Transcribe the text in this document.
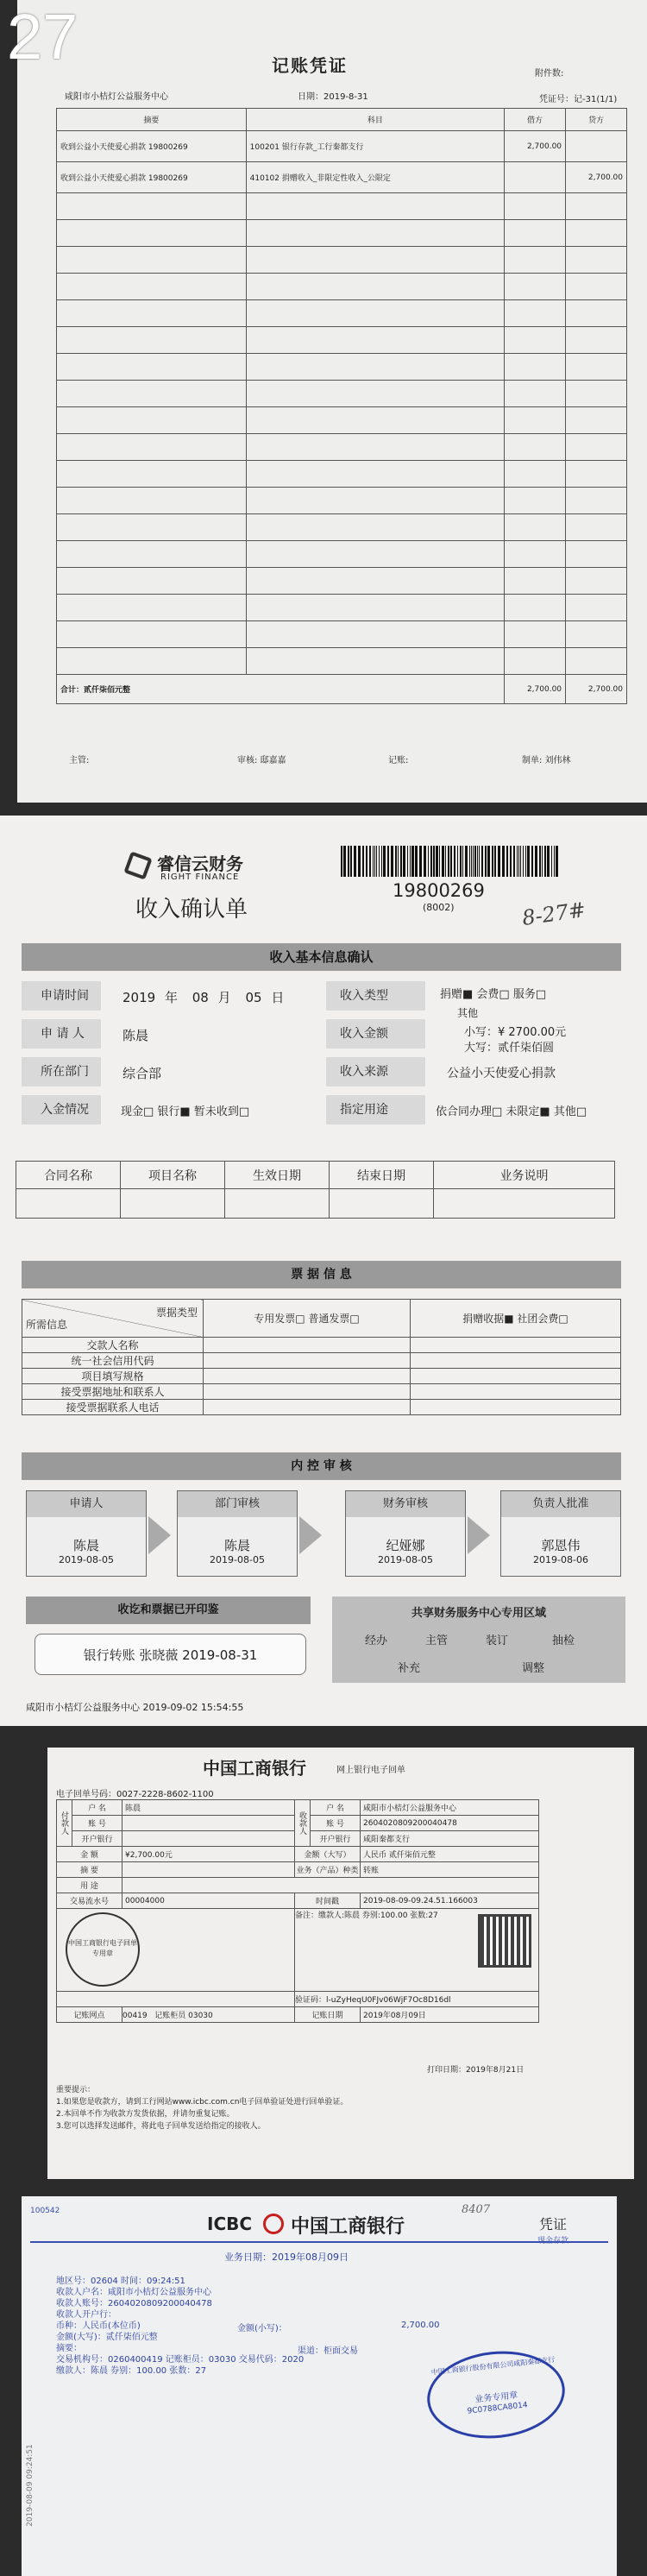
27	记账凭证	附件数:
日期：2019-8-31
咸阳市小桔灯公益服务中心	凭证号：记-31(1/1)
摘要	科目	借方	贷方
收到公益小天使爱心捐款 19800269	100201 银行存款_工行秦都支行	2,700.00	
收到公益小天使爱心捐款 19800269	410102 捐赠收入_非限定性收入_公限定		2,700.00

合计：贰仟柒佰元整		2,700.00	2,700.00
主管:	审核: 邸嘉嘉	记账:	制单: 刘伟林
睿信云财务
RIGHT FINANCE
收入确认单
19800269
(8002)	8-27#
收入基本信息确认
申请时间	2019 年 08 月 05 日	收入类型	捐赠■ 会费□ 服务□
其他
申 请 人	陈晨	收入金额	小写：¥ 2700.00元
大写：贰仟柒佰圆
所在部门	综合部	收入来源	公益小天使爱心捐款
入金情况	现金□ 银行■ 暂未收到□	指定用途	依合同办理□ 未限定■ 其他□
合同名称	项目名称	生效日期	结束日期	业务说明

票 据 信 息
票据类型
所需信息	专用发票□ 普通发票□	捐赠收据■ 社团会费□
交款人名称		
统一社会信用代码		
项目填写规格		
接受票据地址和联系人		
接受票据联系人电话		
内 控 审 核
申请人
陈晨
2019-08-05
部门审核
陈晨
2019-08-05
财务审核
纪娅娜
2019-08-05
负责人批准
郭恩伟
2019-08-06
收讫和票据已开印鉴
银行转账 张晓薇 2019-08-31
共享财务服务中心专用区域
经办	主管	装订	抽检
补充	调整
咸阳市小桔灯公益服务中心 2019-09-02 15:54:55
中国工商银行	网上银行电子回单
电子回单号码：0027-2228-8602-1100
付款人	户 名	陈晨	收款人	户 名	咸阳市小桔灯公益服务中心
	账 号			账 号	2604020809200040478
	开户银行			开户银行	咸阳秦都支行
金 额		¥2,700.00元	金额（大写）		人民币 贰仟柒佰元整
摘 要			业务（产品）种类		转账
用 途					
交易流水号		00004000	时间戳		2019-08-09-09.24.51.166003

中国工商银行电子回单专用章			备注：缴款人:陈晨 券别:100.00 张数:27		

			验证码：l-uZyHeqU0FJv06WjF7Oc8D16dl		
记账网点		00419 记账柜员 03030	记账日期		2019年08月09日
打印日期：2019年8月21日
重要提示：
1.如果您是收款方，请到工行网站www.icbc.com.cn电子回单验证处进行回单验证。
2.本回单不作为收款方发货依据，并请勿重复记账。
3.您可以选择发送邮件，将此电子回单发送给指定的接收人。
100542
ICBC 中国工商银行
8407
凭证
业务日期：2019年08月09日
地区号：02604 时间：09:24:51
收款人户名：咸阳市小桔灯公益服务中心
收款人账号：2604020809200040478
收款人开户行：
币种：人民币(本位币)
金额(大写)：贰仟柒佰元整
摘要：
交易机构号：0260400419 记账柜员：03030 交易代码：2020
缴款人：陈晨 券别：100.00 张数：27
金额(小写)：	2,700.00
渠道：柜面交易
中国工商银行股份有限公司咸阳秦都支行
业务专用章
9C0788CA8014
2019-08-09 09:24:51
